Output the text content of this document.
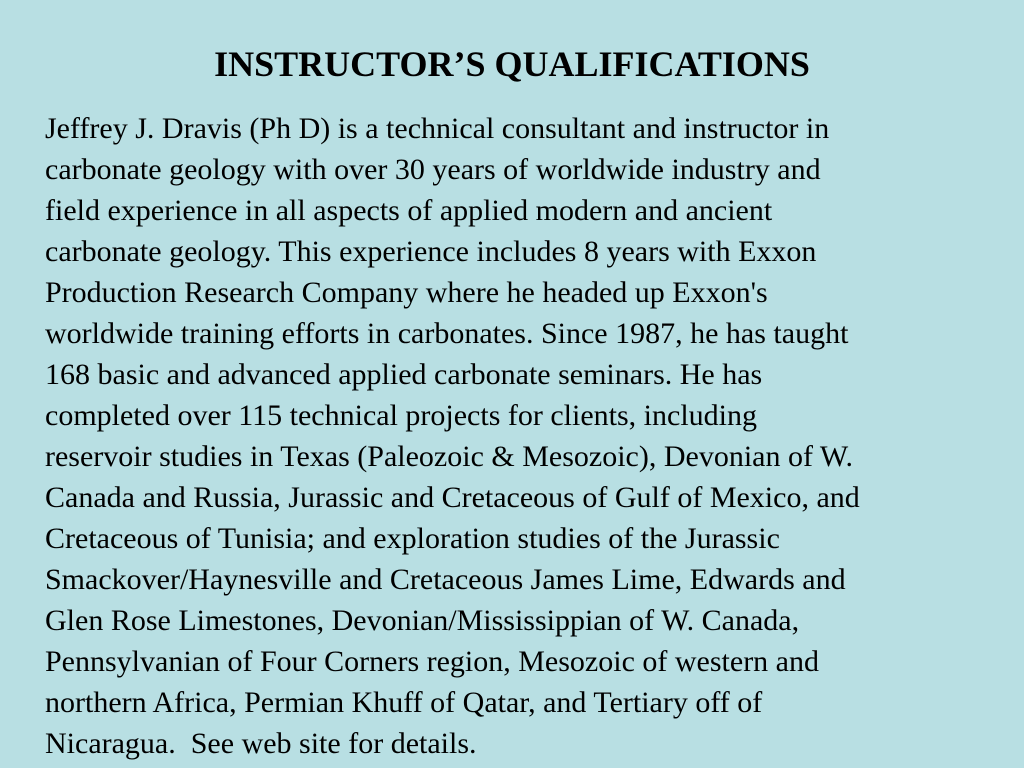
INSTRUCTOR’S QUALIFICATIONS
Jeffrey J. Dravis (Ph D) is a technical consultant and instructor in
carbonate geology with over 30 years of worldwide industry and
field experience in all aspects of applied modern and ancient
carbonate geology. This experience includes 8 years with Exxon
Production Research Company where he headed up Exxon's
worldwide training efforts in carbonates. Since 1987, he has taught
168 basic and advanced applied carbonate seminars. He has
completed over 115 technical projects for clients, including
reservoir studies in Texas (Paleozoic & Mesozoic), Devonian of W.
Canada and Russia, Jurassic and Cretaceous of Gulf of Mexico, and
Cretaceous of Tunisia; and exploration studies of the Jurassic
Smackover/Haynesville and Cretaceous James Lime, Edwards and
Glen Rose Limestones, Devonian/Mississippian of W. Canada,
Pennsylvanian of Four Corners region, Mesozoic of western and
northern Africa, Permian Khuff of Qatar, and Tertiary off of
Nicaragua.  See web site for details.
